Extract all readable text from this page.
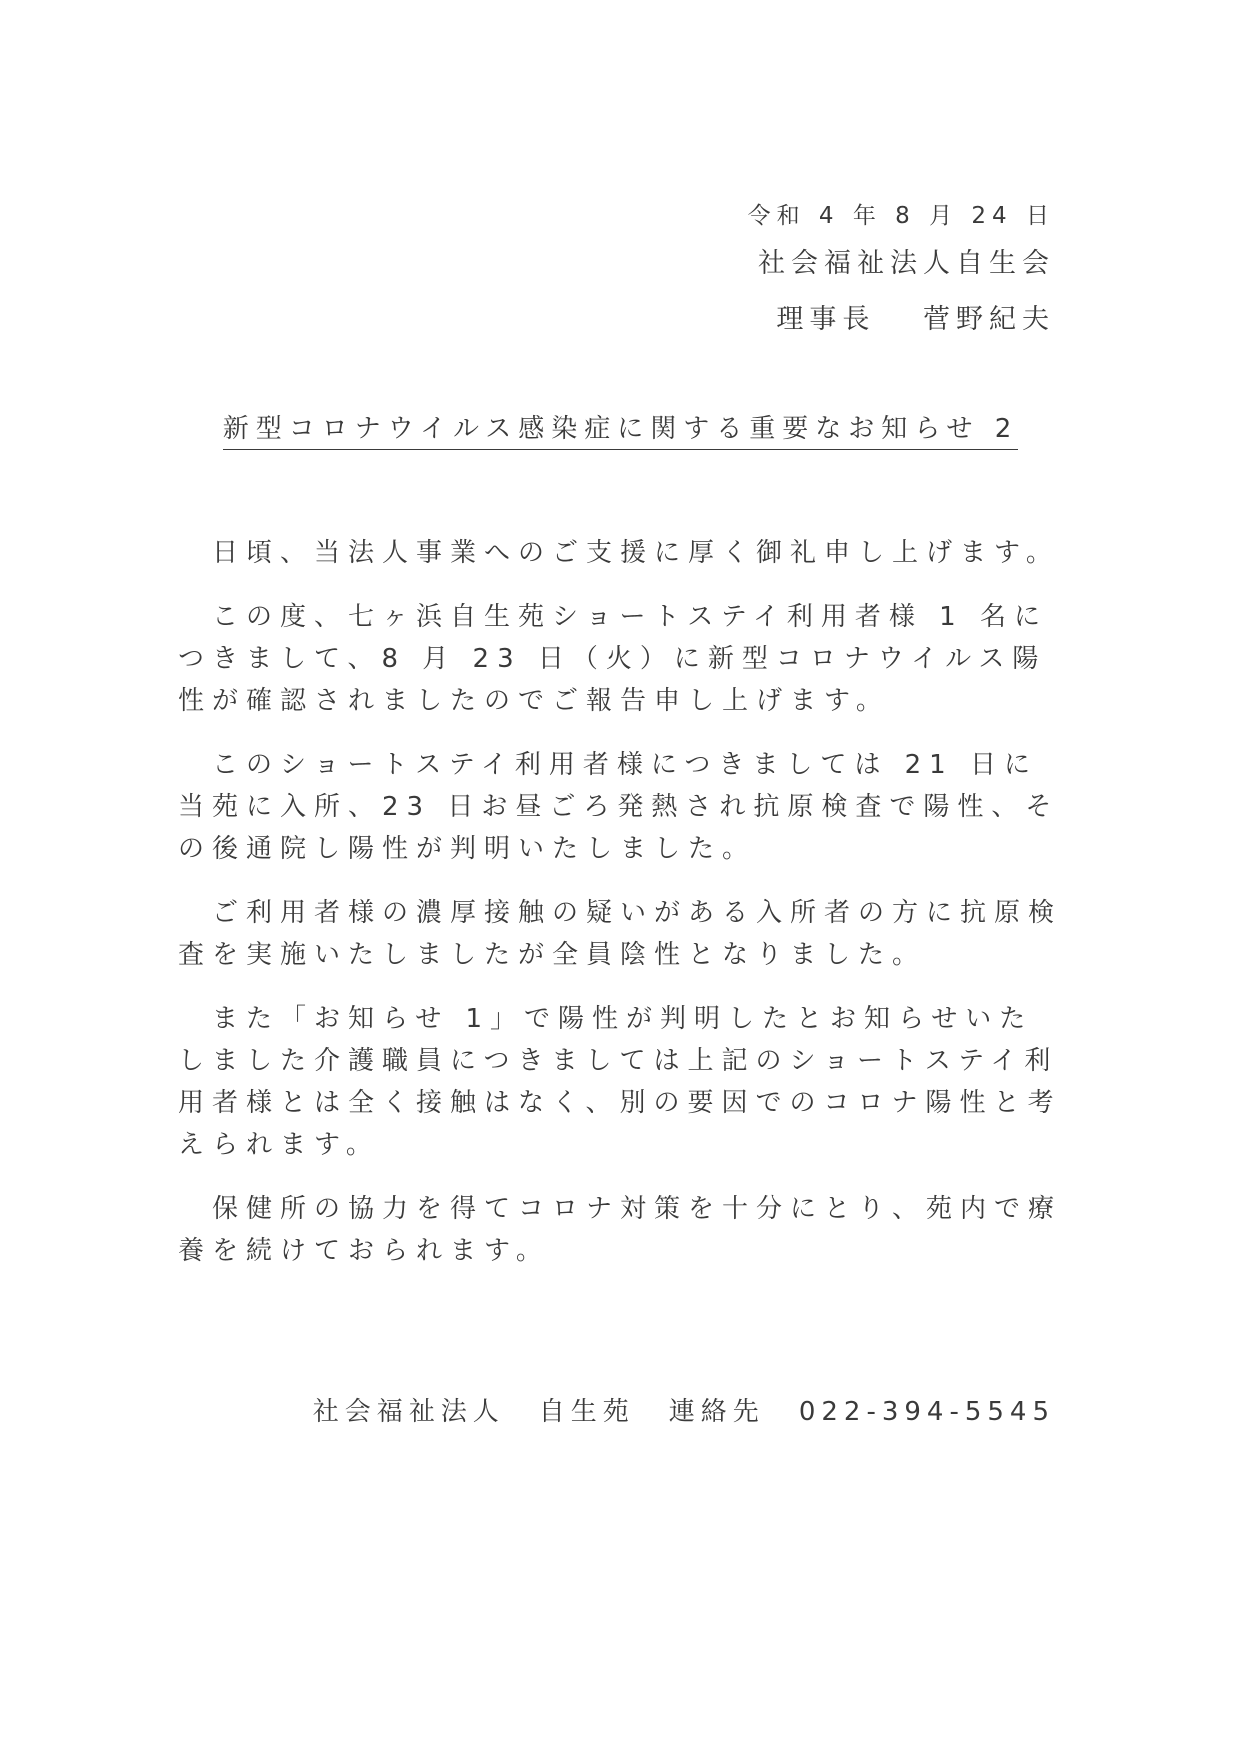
令和 4 年 8 月 24 日
社会福祉法人自生会
理事長　 菅野紀夫
新型コロナウイルス感染症に関する重要なお知らせ 2

日頃、当法人事業へのご支援に厚く御礼申し上げます。

この度、七ヶ浜自生苑ショートステイ利用者様 1 名につきまして、8 月 23 日（火）に新型コロナウイルス陽性が確認されましたのでご報告申し上げます。

このショートステイ利用者様につきましては 21 日に当苑に入所、23 日お昼ごろ発熱され抗原検査で陽性、その後通院し陽性が判明いたしました。

ご利用者様の濃厚接触の疑いがある入所者の方に抗原検査を実施いたしましたが全員陰性となりました。

また「お知らせ 1」で陽性が判明したとお知らせいたしました介護職員につきましては上記のショートステイ利用者様とは全く接触はなく、別の要因でのコロナ陽性と考えられます。

保健所の協力を得てコロナ対策を十分にとり、苑内で療養を続けておられます。

社会福祉法人 自生苑 連絡先 022-394-5545
